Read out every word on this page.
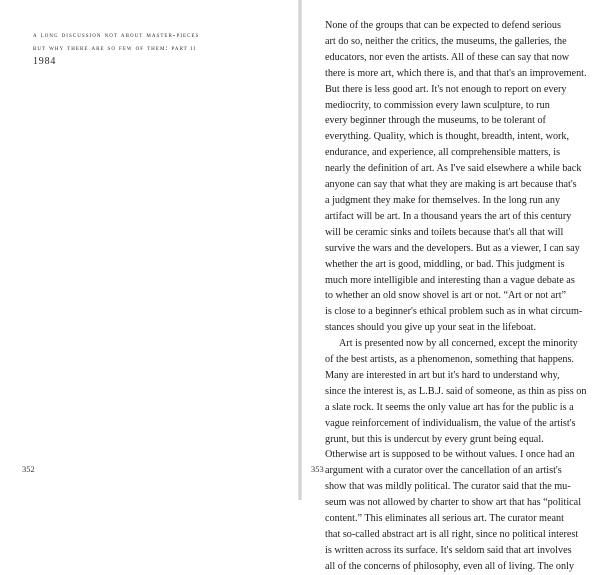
a long discussion not about master-pieces
but why there are so few of them: part ii
1984
352
None of the groups that can be expected to defend serious
art do so, neither the critics, the museums, the galleries, the
educators, nor even the artists. All of these can say that now
there is more art, which there is, and that that's an improvement.
But there is less good art. It's not enough to report on every
mediocrity, to commission every lawn sculpture, to run
every beginner through the museums, to be tolerant of
everything. Quality, which is thought, breadth, intent, work,
endurance, and experience, all comprehensible matters, is
nearly the definition of art. As I've said elsewhere a while back
anyone can say that what they are making is art because that's
a judgment they make for themselves. In the long run any
artifact will be art. In a thousand years the art of this century
will be ceramic sinks and toilets because that's all that will
survive the wars and the developers. But as a viewer, I can say
whether the art is good, middling, or bad. This judgment is
much more intelligible and interesting than a vague debate as
to whether an old snow shovel is art or not. “Art or not art”
is close to a beginner's ethical problem such as in what circum-
stances should you give up your seat in the lifeboat.
Art is presented now by all concerned, except the minority
of the best artists, as a phenomenon, something that happens.
Many are interested in art but it's hard to understand why,
since the interest is, as L.B.J. said of someone, as thin as piss on
a slate rock. It seems the only value art has for the public is a
vague reinforcement of individualism, the value of the artist's
grunt, but this is undercut by every grunt being equal.
Otherwise art is supposed to be without values. I once had an
argument with a curator over the cancellation of an artist's
show that was mildly political. The curator said that the mu-
seum was not allowed by charter to show art that has “political
content.” This eliminates all serious art. The curator meant
that so-called abstract art is all right, since no political interest
is written across its surface. It's seldom said that art involves
all of the concerns of philosophy, even all of living. The only
353
